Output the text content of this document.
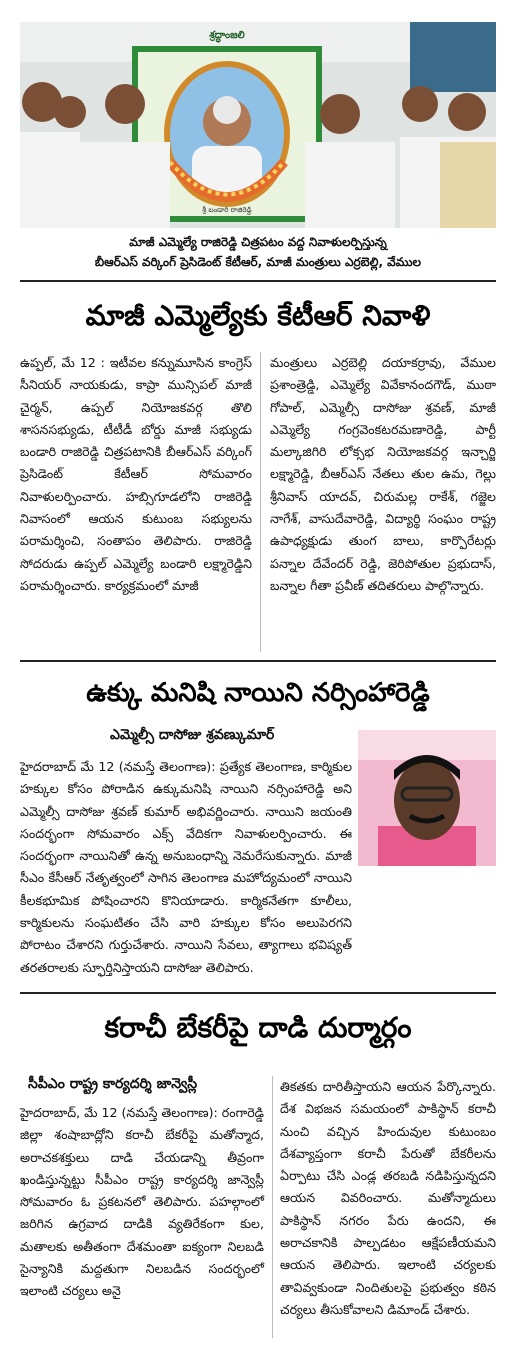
శ్రద్ధాంజలి
శ్రీ బండారి రాజిరెడ్డి
మాజీ ఎమ్మెల్యే రాజిరెడ్డి చిత్రపటం వద్ద నివాళులర్పిస్తున్న
బీఆర్ఎస్ వర్కింగ్ ప్రెసిడెంట్ కేటీఆర్, మాజీ మంత్రులు ఎర్రబెల్లి, వేముల
మాజీ ఎమ్మెల్యేకు కేటీఆర్ నివాళి

ఉప్పల్, మే 12 : ఇటీవల కన్నుమూసిన కాంగ్రెస్ సీనియర్ నాయకుడు, కాప్రా మున్సిపల్ మాజీ చైర్మన్, ఉప్పల్ నియోజకవర్గ తొలి శాసనసభ్యుడు, టీటీడీ బోర్డు మాజీ సభ్యుడు బండారి రాజిరెడ్డి చిత్రపటానికి బీఆర్ఎస్ వర్కింగ్ ప్రెసిడెంట్ కేటీఆర్ సోమవారం నివాళులర్పించారు. హబ్సిగూడలోని రాజిరెడ్డి నివాసంలో ఆయన కుటుంబ సభ్యులను పరామర్శించి, సంతాపం తెలిపారు. రాజిరెడ్డి సోదరుడు ఉప్పల్ ఎమ్మెల్యే బండారి లక్ష్మారెడ్డిని పరామర్శించారు. కార్యక్రమంలో మాజీ

మంత్రులు ఎర్రబెల్లి దయాకర్రావు, వేముల ప్రశాంత్రెడ్డి, ఎమ్మెల్యే వివేకానందగౌడ్, ముఠా గోపాల్, ఎమ్మెల్సీ దాసోజు శ్రవణ్, మాజీ ఎమ్మెల్యే గంగ్రవెంకటరమణారెడ్డి, పార్టీ మల్కాజిగిరి లోక్సభ నియోజకవర్గ ఇన్చార్జి లక్ష్మారెడ్డి, బీఆర్ఎస్ నేతలు తుల ఉమ, గెల్లు శ్రీనివాస్ యాదవ్, చిరుమల్ల రాకేశ్, గజ్జెల నాగేశ్, వాసుదేవారెడ్డి, విద్యార్థి సంఘం రాష్ట్ర ఉపాధ్యక్షుడు తుంగ బాలు, కార్పొరేటర్లు పన్నాల దేవేందర్ రెడ్డి, జెరిపోతుల ప్రభుదాస్, బన్నాల గీతా ప్రవీణ్ తదితరులు పాల్గొన్నారు.

ఉక్కు మనిషి నాయిని నర్సింహారెడ్డి
ఎమ్మెల్సీ దాసోజు శ్రవణ్కుమార్

హైదరాబాద్ మే 12 (నమస్తే తెలంగాణ): ప్రత్యేక తెలంగాణ, కార్మికుల హక్కుల కోసం పోరాడిన ఉక్కుమనిషి నాయిని నర్సింహారెడ్డి అని ఎమ్మెల్సీ దాసోజు శ్రవణ్ కుమార్ అభివర్ణించారు. నాయిని జయంతి సందర్భంగా సోమవారం ఎక్స్ వేదికగా నివాళులర్పించారు. ఈ సందర్భంగా నాయినితో ఉన్న అనుబంధాన్ని నెమరేసుకున్నారు. మాజీ సీఎం కేసీఆర్ నేతృత్వంలో సాగిన తెలంగాణ మహోద్యమంలో నాయిని కీలకభూమిక పోషించారని కొనియాడారు. కార్మికనేతగా కూలీలు, కార్మికులను సంఘటితం చేసి వారి హక్కుల కోసం అలుపెరగని పోరాటం చేశారని గుర్తుచేశారు. నాయిని సేవలు, త్యాగాలు భవిష్యత్ తరతరాలకు స్ఫూర్తినిస్తాయని దాసోజు తెలిపారు.

కరాచీ బేకరీపై దాడి దుర్మార్గం
సీపీఎం రాష్ట్ర కార్యదర్శి జాన్వెస్లీ

హైదరాబాద్, మే 12 (నమస్తే తెలంగాణ): రంగారెడ్డి జిల్లా శంషాబాద్లోని కరాచీ బేకరీపై మతోన్మాద, అరాచకశక్తులు దాడి చేయడాన్ని తీవ్రంగా ఖండిస్తున్నట్టు సీపీఎం రాష్ట్ర కార్యదర్శి జాన్వెస్లీ సోమవారం ఓ ప్రకటనలో తెలిపారు. పహల్గాంలో జరిగిన ఉగ్రవాద దాడికి వ్యతిరేకంగా కుల, మతాలకు అతీతంగా దేశమంతా ఐక్యంగా నిలబడి సైన్యానికి మద్దతుగా నిలబడిన సందర్భంలో ఇలాంటి చర్యలు అనై

తికతకు దారితీస్తాయని ఆయన పేర్కొన్నారు. దేశ విభజన సమయంలో పాకిస్థాన్ కరాచీ నుంచి వచ్చిన హిందువుల కుటుంబం దేశవ్యాప్తంగా కరాచీ పేరుతో బేకరీలను ఏర్పాటు చేసి ఎండ్ల తరబడి నడిపిస్తున్నదని ఆయన వివరించారు. మతోన్మాదులు పాకిస్థాన్ నగరం పేరు ఉందని, ఈ అరాచకానికి పాల్పడటం ఆక్షేపణీయమని ఆయన తెలిపారు. ఇలాంటి చర్యలకు తావివ్వకుండా నిందితులపై ప్రభుత్వం కఠిన చర్యలు తీసుకోవాలని డిమాండ్ చేశారు.
